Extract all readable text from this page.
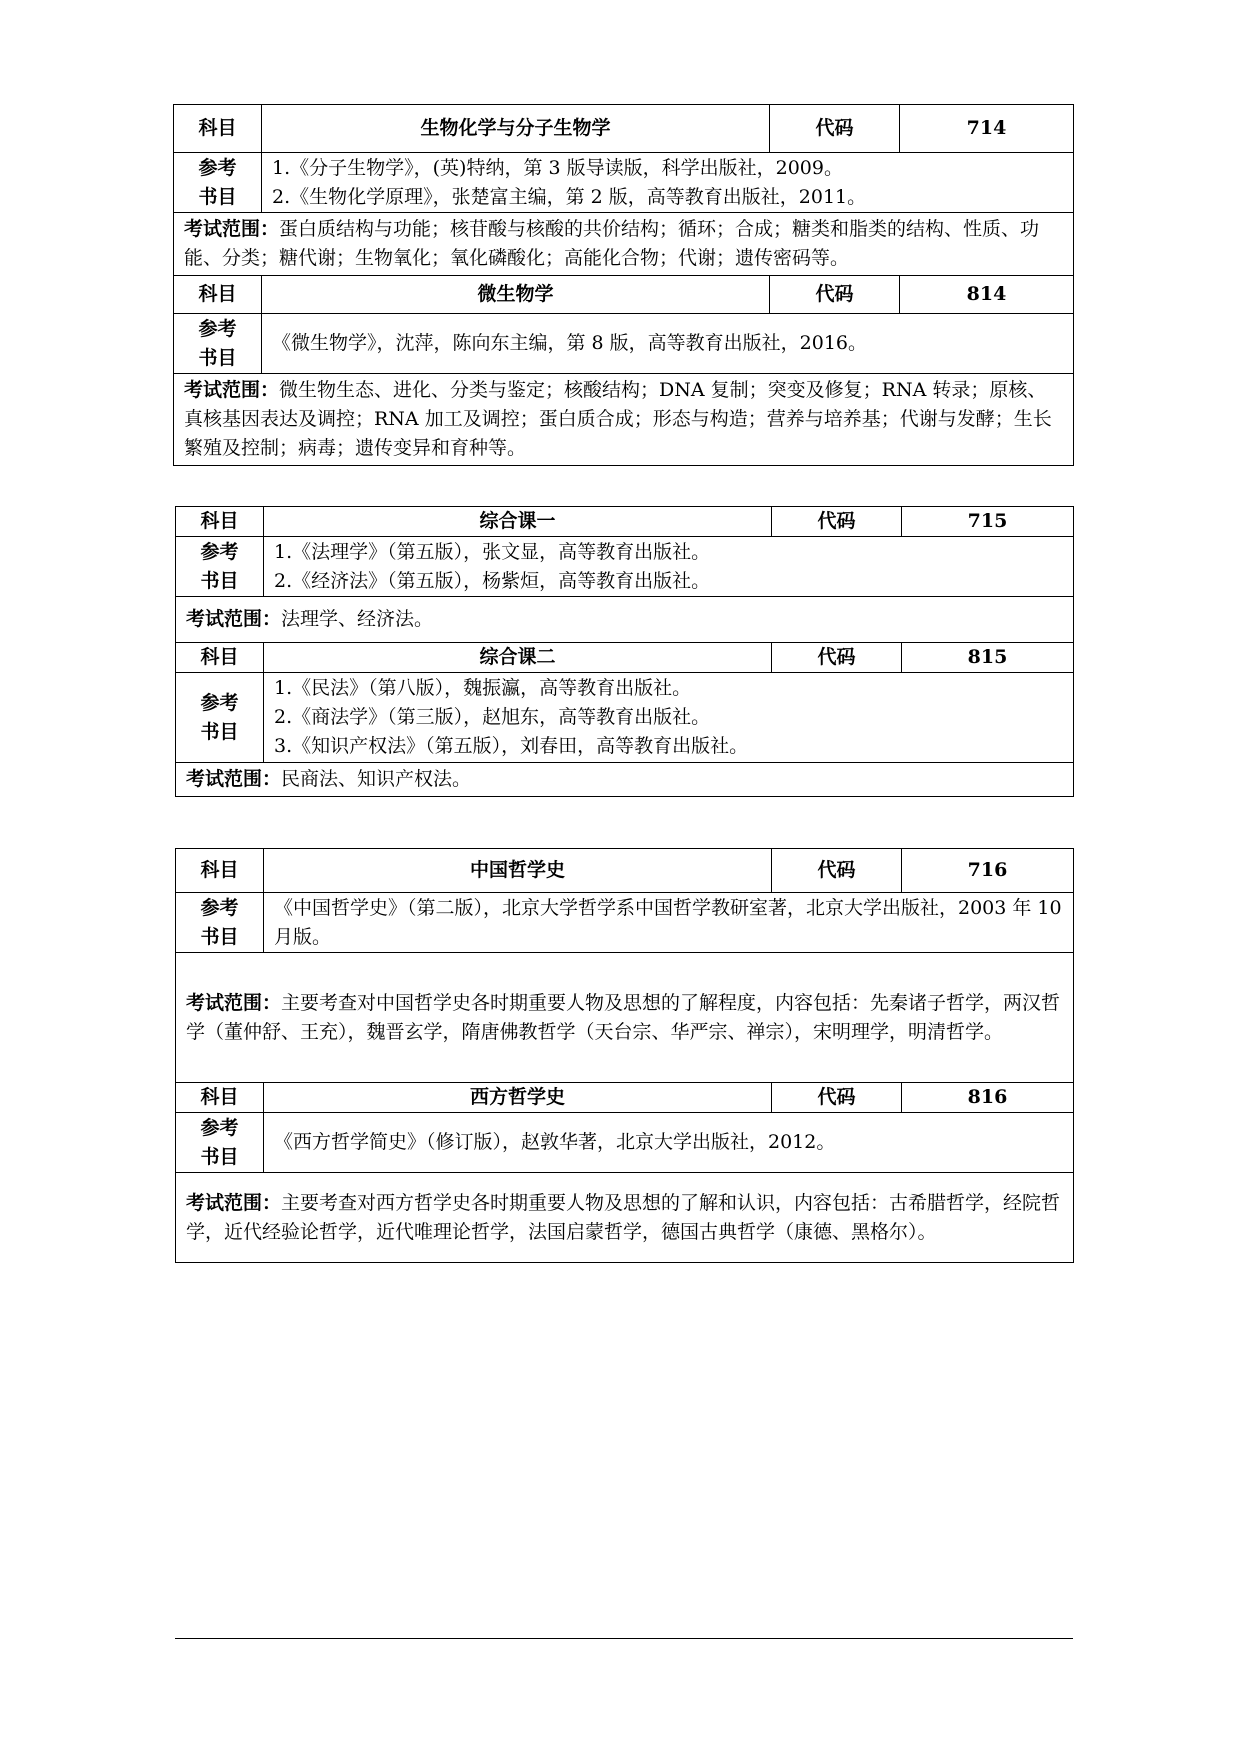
科目	生物化学与分子生物学	代码	714

参考
书目	1.《分子生物学》，(英)特纳，第 3 版导读版，科学出版社，2009。
2.《生物化学原理》，张楚富主编，第 2 版，高等教育出版社，2011。		

考试范围：蛋白质结构与功能；核苷酸与核酸的共价结构；循环；合成；糖类和脂类的结构、性质、功能、分类；糖代谢；生物氧化；氧化磷酸化；高能化合物；代谢；遗传密码等。			
科目	微生物学	代码	814

参考
书目	《微生物学》，沈萍，陈向东主编，第 8 版，高等教育出版社，2016。		

考试范围：微生物生态、进化、分类与鉴定；核酸结构；DNA 复制；突变及修复；RNA 转录；原核、真核基因表达及调控；RNA 加工及调控；蛋白质合成；形态与构造；营养与培养基；代谢与发酵；生长繁殖及控制；病毒；遗传变异和育种等。			
科目	综合课一	代码	715

参考
书目	1.《法理学》（第五版），张文显，高等教育出版社。
2.《经济法》（第五版），杨紫烜，高等教育出版社。		

考试范围：法理学、经济法。			
科目	综合课二	代码	815

参考
书目	1.《民法》（第八版），魏振瀛，高等教育出版社。
2.《商法学》（第三版），赵旭东，高等教育出版社。
3.《知识产权法》（第五版），刘春田，高等教育出版社。		

考试范围：民商法、知识产权法。			
科目	中国哲学史	代码	716

参考
书目	《中国哲学史》（第二版），北京大学哲学系中国哲学教研室著，北京大学出版社，2003 年 10 月版。		

考试范围：主要考查对中国哲学史各时期重要人物及思想的了解程度，内容包括：先秦诸子哲学，两汉哲学（董仲舒、王充），魏晋玄学，隋唐佛教哲学（天台宗、华严宗、禅宗），宋明理学，明清哲学。			
科目	西方哲学史	代码	816

参考
书目	《西方哲学简史》（修订版），赵敦华著，北京大学出版社，2012。		

考试范围：主要考查对西方哲学史各时期重要人物及思想的了解和认识，内容包括：古希腊哲学，经院哲学，近代经验论哲学，近代唯理论哲学，法国启蒙哲学，德国古典哲学（康德、黑格尔）。			
